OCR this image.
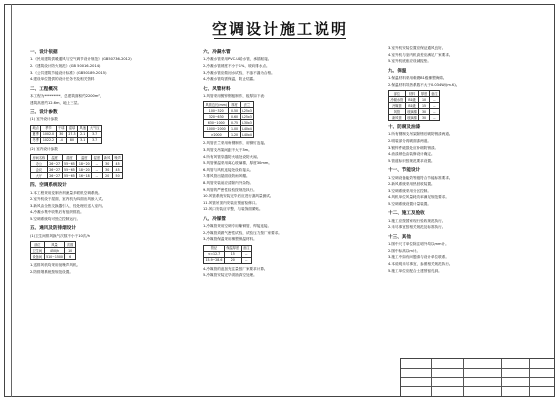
空调设计施工说明
一、设计依据

1.《民用建筑供暖通风与空气调节设计规范》(GB50736-2012)

2.《建筑设计防火规范》(GB 50016-2014)

3.《公共建筑节能设计标准》(GB50189-2015)

4.建设单位提供的设计任务书及相关资料

二、工程概况

本工程为*********，总建筑面积约2200m²，

建筑高度约12.6m，地上三层。

三、设计参数

(1) 室外设计参数

地点	季节	干球	湿球	风速	大气压
夏季	1002.0	30	27.3	2.1	3.7
冬季	1022.2	-4	80	3.1	3.7

(2) 室内设计参数

房间名称	温度	湿度	温度	湿度	新风	噪声
办公	26~27	55~65	18~20	--	30	45
会议	26~27	55~65	18~20	--	30	45
大厅	26~27	55~65	16~18	--	20	50
四、空调系统设计

1.本工程采用变制冷剂流量多联机空调系统。

2.室外机设于屋面，室内机为四面出风嵌入式。

3.新风由全热交换器引入，经处理后送入室内。

4.冷凝水集中收集后有组织排放。

5.空调系统均可独立控制运行。

五、通风及防排烟设计

(1)卫生间排风换气次数不小于10次/h

部位	风量	次数
卫生间	450/h	10
设备间	510~1500	6

1.送排风机均采用低噪声风机。

2.防排烟系统按规范设置。

六、冷凝水管

1.冷凝水管采用PVC-U给水管，承插粘接。

2.冷凝水管坡度不小于1%，坡向排水点。

3.冷凝水管应做闭水试验，不渗不漏为合格。

4.冷凝水管均需保温，防止结露。

七、风管材料

1.风管采用镀锌钢板制作，板厚如下表：

风管边长(mm)	厚度	法兰
100~320	0.50	L25x3
320~630	0.60	L25x3
630~1000	0.75	L30x3
1000~2000	1.00	L40x4
>2000	1.20	L40x4

2.风管法兰采用角钢制作，用铆钉连接。

3.风管支吊架间距不大于3m。

4.所有风管穿越防火墙处设防火阀。

5.风管保温采用离心玻璃棉，厚度30mm。

6.风管与风机连接处设软接头。

7.排风管出屋面设防雨风帽。

8.风管安装前应清除内外杂物。

9.风管的严密性检验按规范执行。

10.风管系统安装完毕后应进行漏风量测试。

11.风管吊顶内安装应预留检修口。

12.风口安装应平整，与装饰面紧贴。

八、冷媒管

1.冷媒管采用空调专用紫铜管，焊接连接。

2.冷媒管须做气密性试验，试验压力按厂家要求。

3.冷媒管保温采用橡塑保温材料。

管径	保温厚度	备注
<=12.7	15	--
15.9~28.6	20	--

4.冷媒管的追加充注量按厂家要求计算。

5.冷媒管安装完毕须抽真空处理。

3.室外机安装位置应保证通风良好。

4.室外机与室内机高差应满足厂家要求。

5.室外机底座应设减振垫。

九、保温

1.保温材料采用难燃B1级橡塑海绵。

2.保温材料导热系数不大于0.034W/(m.K)。

部位	材料	厚度	备注
冷凝水管	B1级	10	--
冷媒管	B1级	15	--
风管	玻璃棉	30	--
新风管	玻璃棉	30	--
十、防腐及油漆

1.所有钢制支吊架除锈后刷防锈漆两道。

2.明装部分再刷面漆两道。

3.镀锌件破损处应补刷防锈漆。

4.油漆颜色由装修设计确定。

5.管道标识按规范要求设置。

十一、节能设计

1.空调设备能效等级符合节能标准要求。

2.新风系统采用热回收装置。

3.空调系统采用分区控制。

4.风机单位风量耗功率满足规范要求。

5.空调系统设置计量装置。

十二、施工及验收

1.施工应按国家现行验收规范执行。

2.未尽事宜按相关规范及标准执行。

十三、其他

1.图中尺寸单位除注明外均以mm计。

2.图中标高以m计。

3.施工中如有问题请与设计单位联系。

4.本说明未尽事宜，参照相关规范执行。

5.施工单位应配合土建预留孔洞。
